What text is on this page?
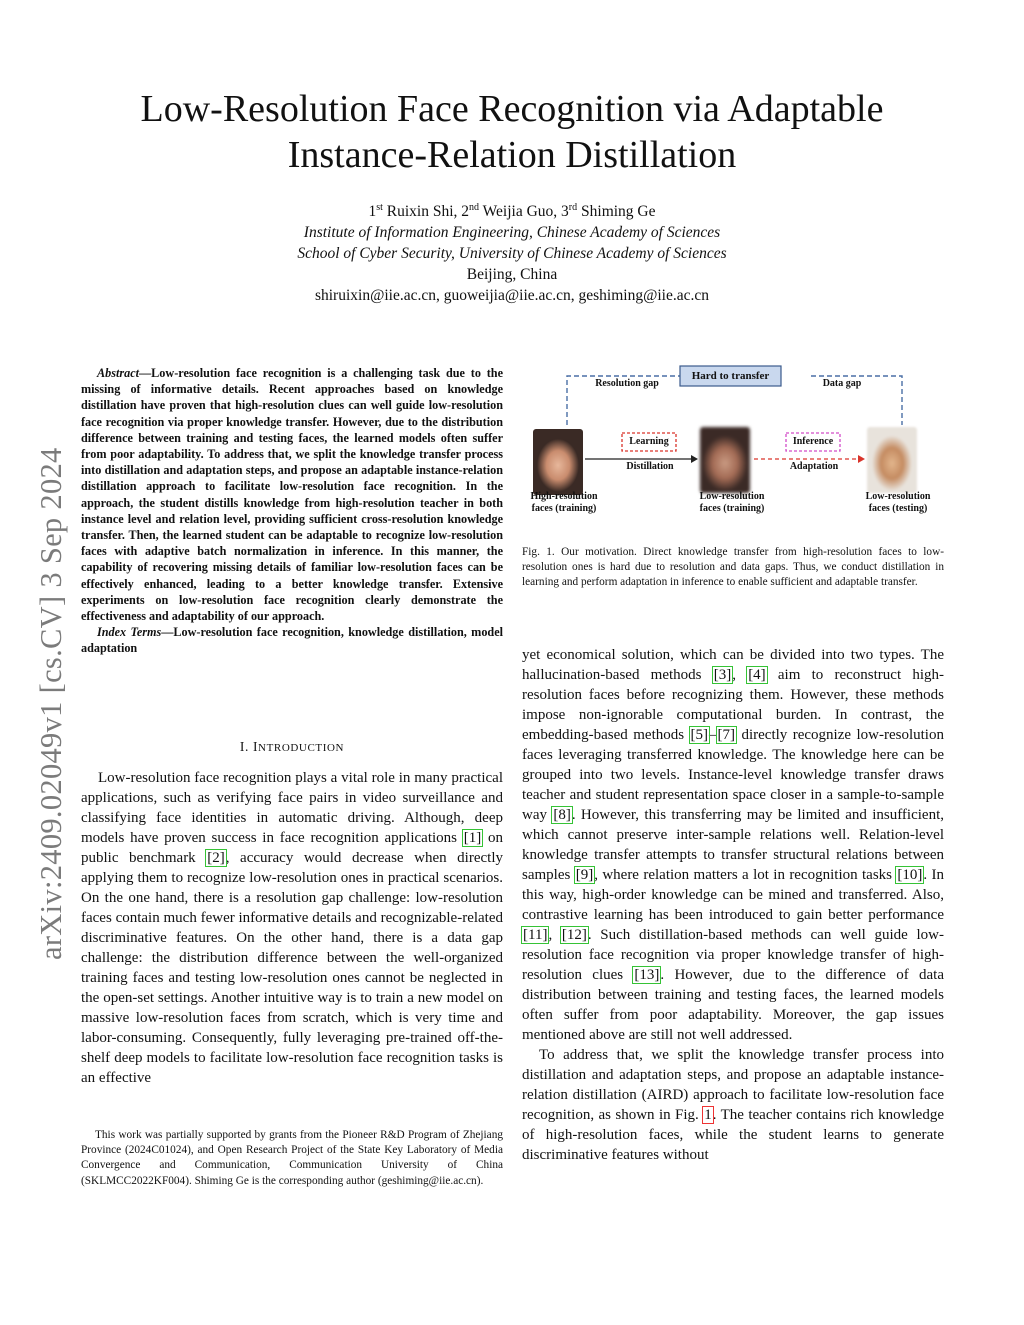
arXiv:2409.02049v1 [cs.CV] 3 Sep 2024
Low-Resolution Face Recognition via Adaptable
Instance-Relation Distillation
1st Ruixin Shi, 2nd Weijia Guo, 3rd Shiming Ge
Institute of Information Engineering, Chinese Academy of Sciences
School of Cyber Security, University of Chinese Academy of Sciences
Beijing, China
shiruixin@iie.ac.cn, guoweijia@iie.ac.cn, geshiming@iie.ac.cn

Abstract—Low-resolution face recognition is a challenging task due to the missing of informative details. Recent approaches based on knowledge distillation have proven that high-resolution clues can well guide low-resolution face recognition via proper knowledge transfer. However, due to the distribution difference between training and testing faces, the learned models often suffer from poor adaptability. To address that, we split the knowledge transfer process into distillation and adaptation steps, and propose an adaptable instance-relation distillation approach to facilitate low-resolution face recognition. In the approach, the student distills knowledge from high-resolution teacher in both instance level and relation level, providing sufficient cross-resolution knowledge transfer. Then, the learned student can be adaptable to recognize low-resolution faces with adaptive batch normalization in inference. In this manner, the capability of recovering missing details of familiar low-resolution faces can be effectively enhanced, leading to a better knowledge transfer. Extensive experiments on low-resolution face recognition clearly demonstrate the effectiveness and adaptability of our approach.

Index Terms—Low-resolution face recognition, knowledge distillation, model adaptation

I. INTRODUCTION

Low-resolution face recognition plays a vital role in many practical applications, such as verifying face pairs in video surveillance and classifying face identities in automatic driving. Although, deep models have proven success in face recognition applications [1] on public benchmark [2], accuracy would decrease when directly applying them to recognize low-resolution ones in practical scenarios. On the one hand, there is a resolution gap challenge: low-resolution faces contain much fewer informative details and recognizable-related discriminative features. On the other hand, there is a data gap challenge: the distribution difference between the well-organized training faces and testing low-resolution ones cannot be neglected in the open-set settings. Another intuitive way is to train a new model on massive low-resolution faces from scratch, which is very time and labor-consuming. Consequently, fully leveraging pre-trained off-the-shelf deep models to facilitate low-resolution face recognition tasks is an effective

This work was partially supported by grants from the Pioneer R&D Program of Zhejiang Province (2024C01024), and Open Research Project of the State Key Laboratory of Media Convergence and Communication, Communication University of China (SKLMCC2022KF004). Shiming Ge is the corresponding author (geshiming@iie.ac.cn).

Hard to transfer
Resolution gap	Data gap
Learning	Inference
Distillation	Adaptation
High-resolution
faces (training)
Low-resolution
faces (training)
Low-resolution
faces (testing)

Fig. 1. Our motivation. Direct knowledge transfer from high-resolution faces to low-resolution ones is hard due to resolution and data gaps. Thus, we conduct distillation in learning and perform adaptation in inference to enable sufficient and adaptable transfer.

yet economical solution, which can be divided into two types. The hallucination-based methods [3], [4] aim to reconstruct high-resolution faces before recognizing them. However, these methods impose non-ignorable computational burden. In contrast, the embedding-based methods [5]–[7] directly recognize low-resolution faces leveraging transferred knowledge. The knowledge here can be grouped into two levels. Instance-level knowledge transfer draws teacher and student representation space closer in a sample-to-sample way [8]. However, this transferring may be limited and insufficient, which cannot preserve inter-sample relations well. Relation-level knowledge transfer attempts to transfer structural relations between samples [9], where relation matters a lot in recognition tasks [10]. In this way, high-order knowledge can be mined and transferred. Also, contrastive learning has been introduced to gain better performance [11], [12]. Such distillation-based methods can well guide low-resolution face recognition via proper knowledge transfer of high-resolution clues [13]. However, due to the difference of data distribution between training and testing faces, the learned models often suffer from poor adaptability. Moreover, the gap issues mentioned above are still not well addressed.

To address that, we split the knowledge transfer process into distillation and adaptation steps, and propose an adaptable instance-relation distillation (AIRD) approach to facilitate low-resolution face recognition, as shown in Fig. 1. The teacher contains rich knowledge of high-resolution faces, while the student learns to generate discriminative features without
